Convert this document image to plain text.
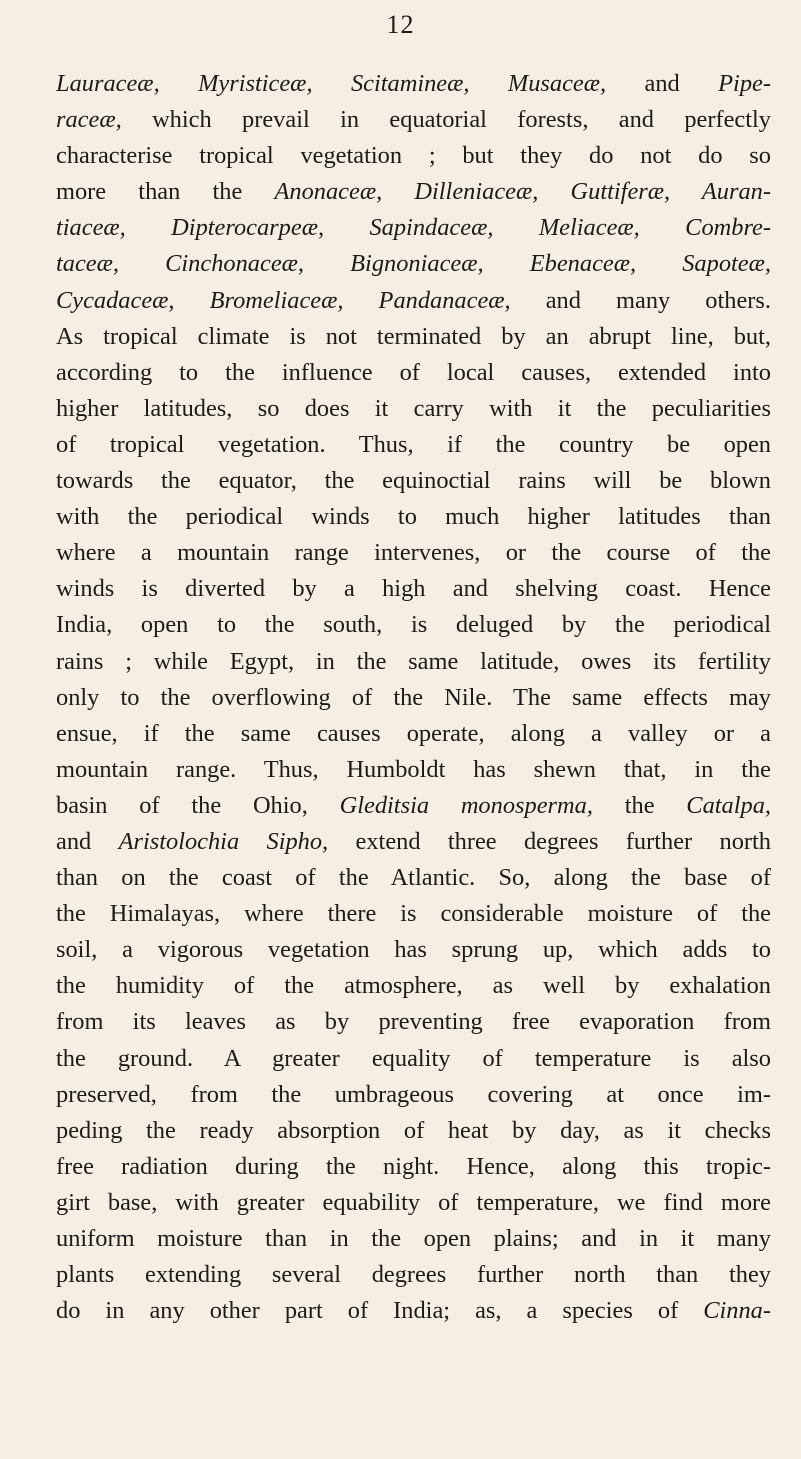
12

Lauraceæ, Myristiceæ, Scitamineæ, Musaceæ, and Pipe-
raceæ, which prevail in equatorial forests, and perfectly
characterise tropical vegetation ; but they do not do so
more than the Anonaceæ, Dilleniaceæ, Guttiferæ, Auran-
tiaceæ, Dipterocarpeæ, Sapindaceæ, Meliaceæ, Combre-
taceæ, Cinchonaceæ, Bignoniaceæ, Ebenaceæ, Sapoteæ,
Cycadaceæ, Bromeliaceæ, Pandanaceæ, and many others.
As tropical climate is not terminated by an abrupt line, but,
according to the influence of local causes, extended into
higher latitudes, so does it carry with it the peculiarities
of tropical vegetation. Thus, if the country be open
towards the equator, the equinoctial rains will be blown
with the periodical winds to much higher latitudes than
where a mountain range intervenes, or the course of the
winds is diverted by a high and shelving coast. Hence
India, open to the south, is deluged by the periodical
rains ; while Egypt, in the same latitude, owes its fertility
only to the overflowing of the Nile. The same effects may
ensue, if the same causes operate, along a valley or a
mountain range. Thus, Humboldt has shewn that, in the
basin of the Ohio, Gleditsia monosperma, the Catalpa,
and Aristolochia Sipho, extend three degrees further north
than on the coast of the Atlantic. So, along the base of
the Himalayas, where there is considerable moisture of the
soil, a vigorous vegetation has sprung up, which adds to
the humidity of the atmosphere, as well by exhalation
from its leaves as by preventing free evaporation from
the ground. A greater equality of temperature is also
preserved, from the umbrageous covering at once im-
peding the ready absorption of heat by day, as it checks
free radiation during the night. Hence, along this tropic-
girt base, with greater equability of temperature, we find more
uniform moisture than in the open plains; and in it many
plants extending several degrees further north than they
do in any other part of India; as, a species of Cinna-
